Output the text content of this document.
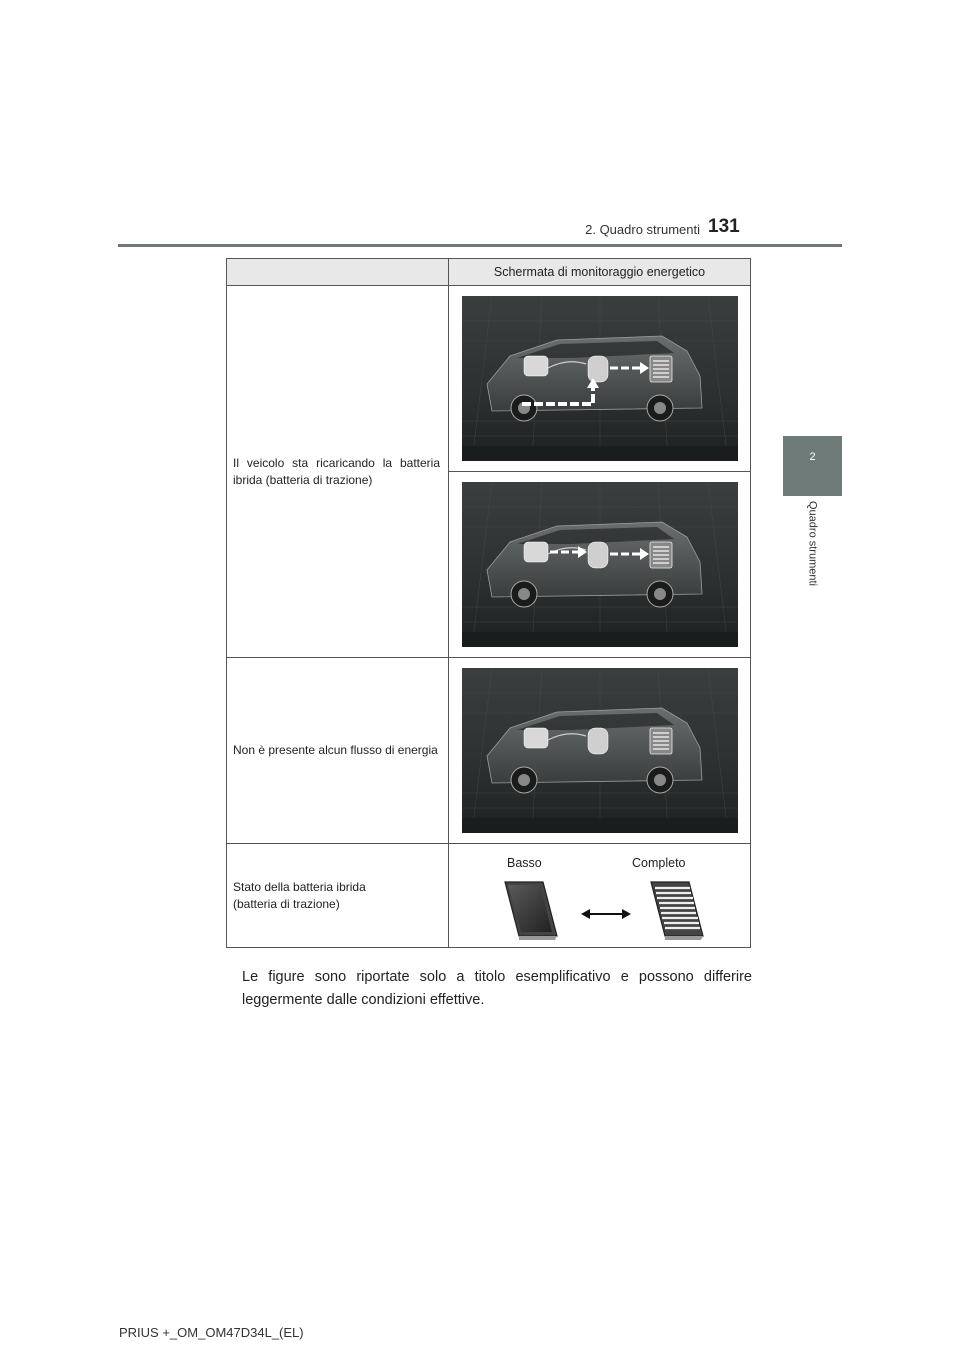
2. Quadro strumenti 131
2
Quadro strumenti
	Schermata di monitoraggio energetico
Il veicolo sta ricaricando la batteria ibrida (batteria di trazione)	

Non è presente alcun flusso di energia	

Stato della batteria ibrida
(batteria di trazione)	Basso Completo
Le figure sono riportate solo a titolo esemplificativo e possono differire leggermente dalle condizioni effettive.
PRIUS +_OM_OM47D34L_(EL)
